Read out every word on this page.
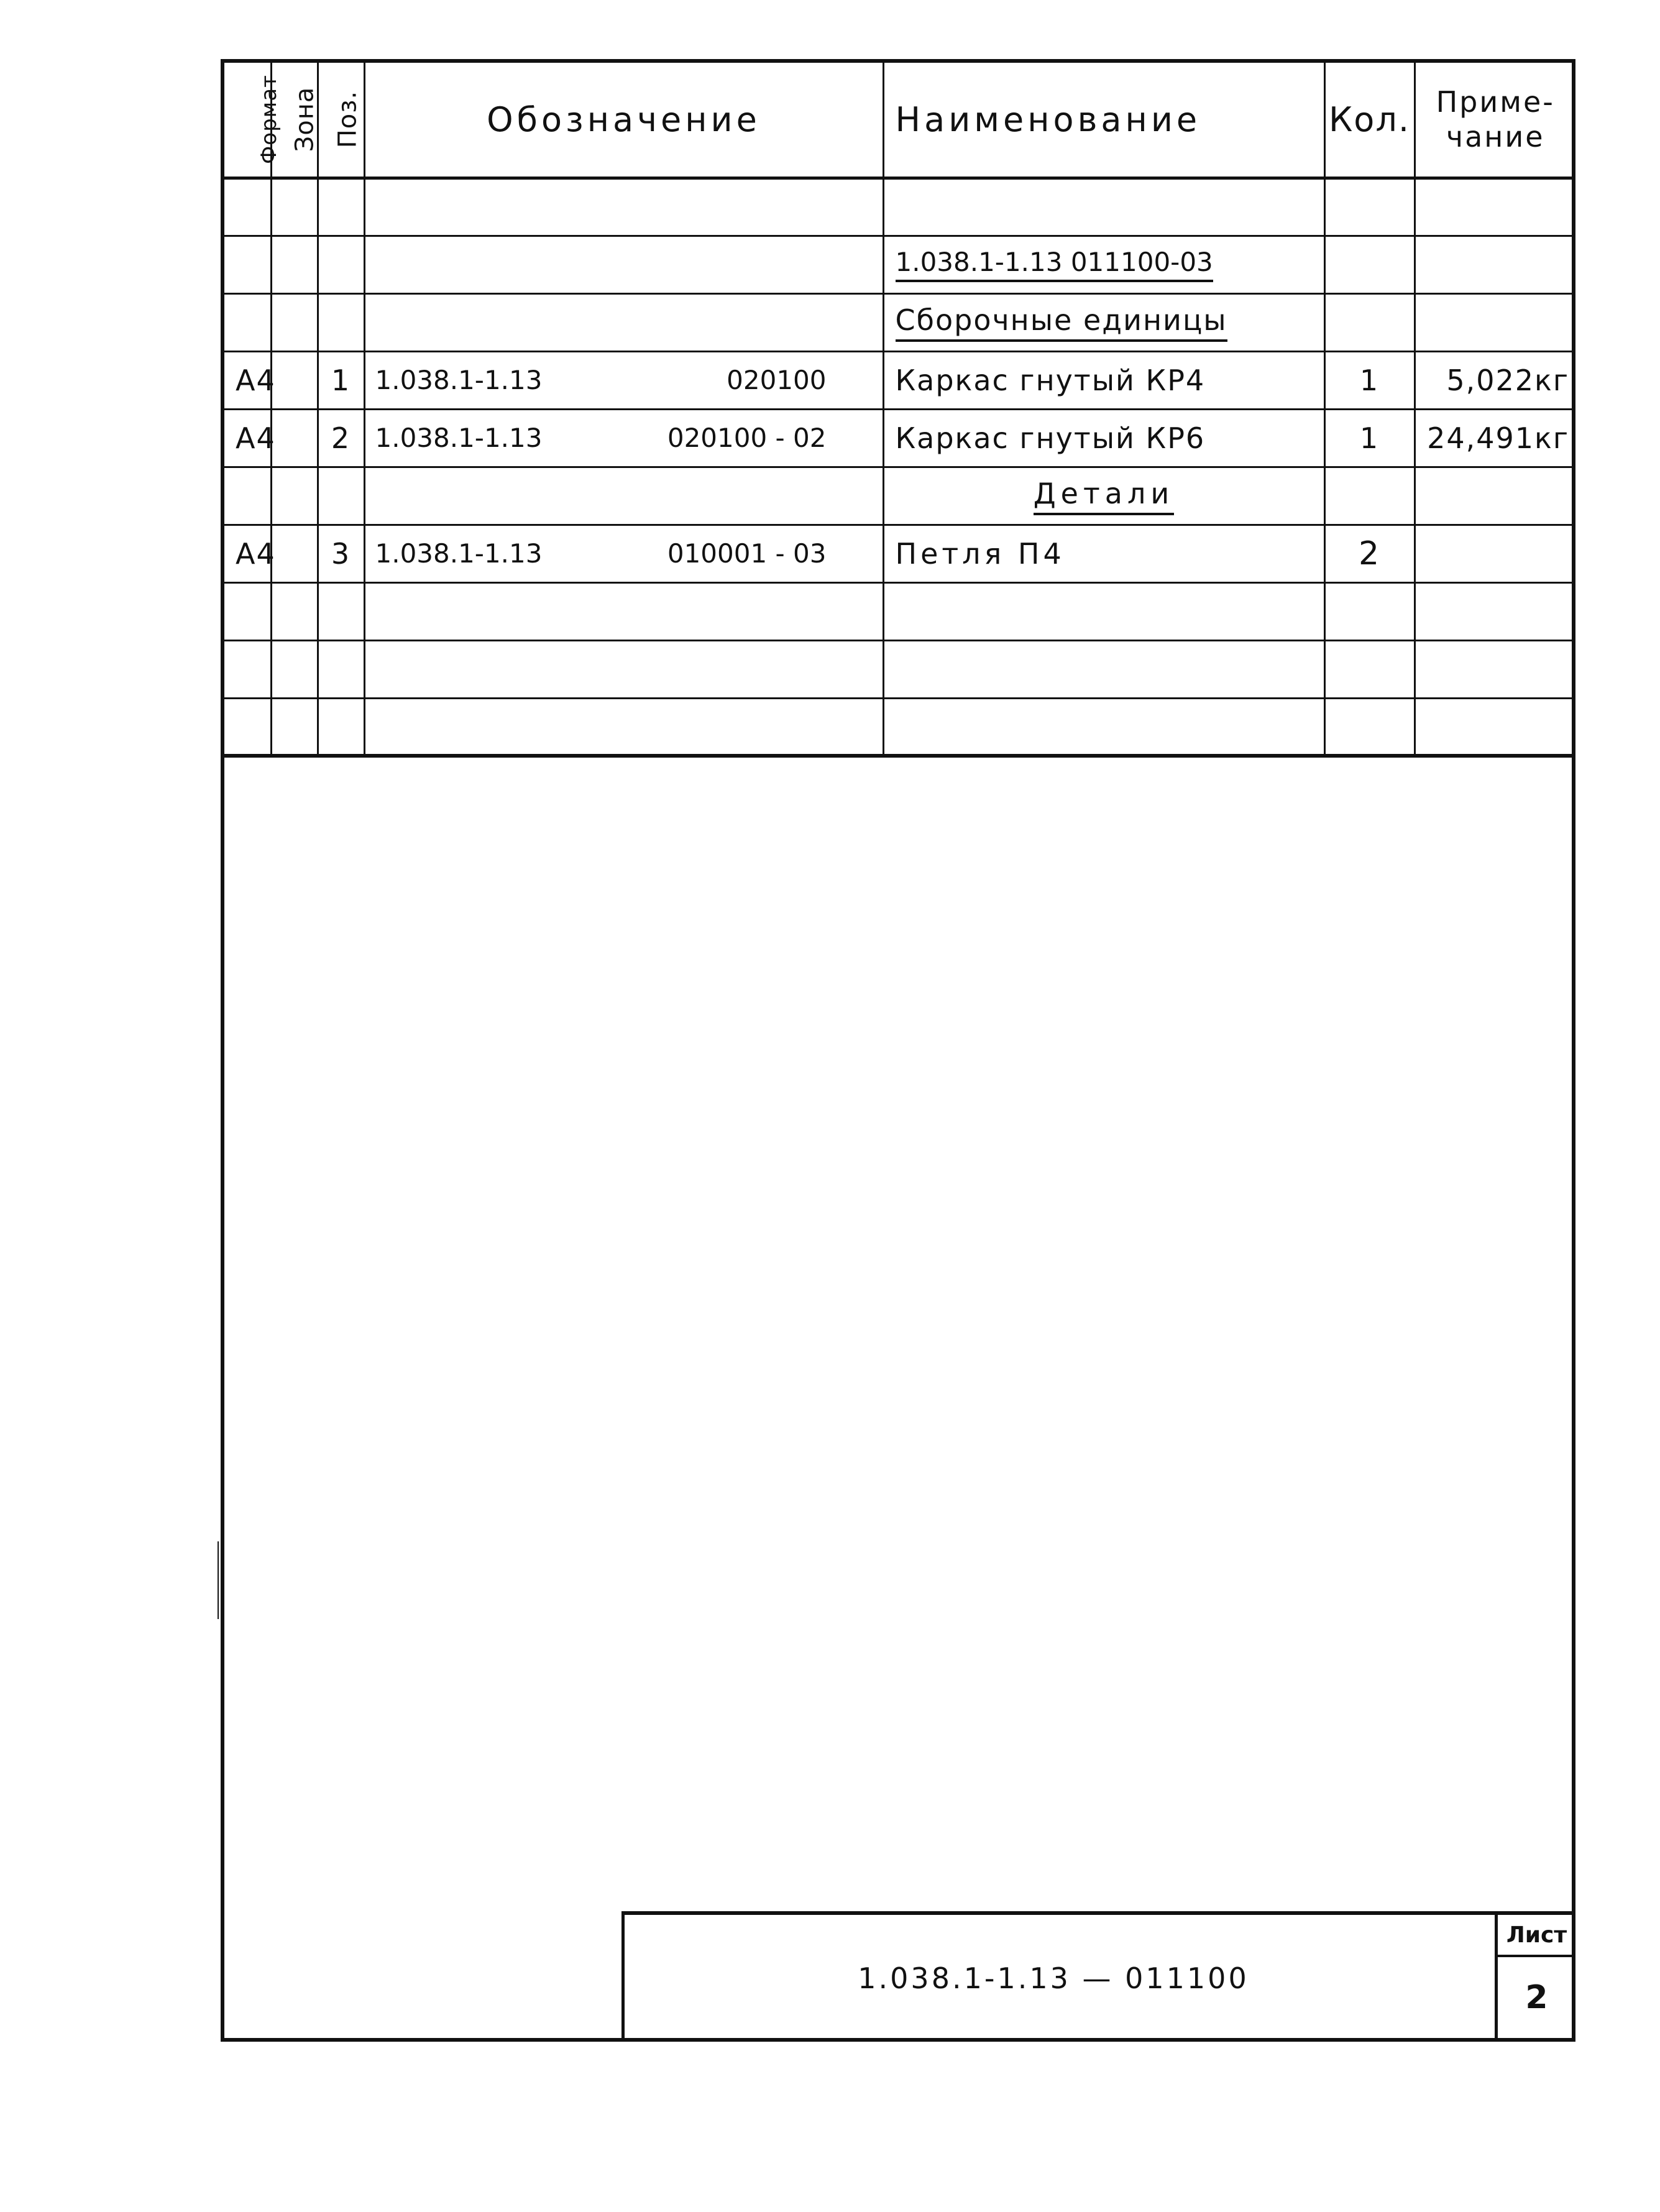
Формат	Зона	Поз.	Обозначение	Наименование	Кол.	Приме-
чание

				1.038.1-1.13 011100-03		
				Сборочные единицы		
А4		1	1.038.1-1.13 020100	Каркас гнутый КР4	1	5,022кг
А4		2	1.038.1-1.13 020100 - 02	Каркас гнутый КР6	1	24,491кг
				Детали		
А4		3	1.038.1-1.13 010001 - 03	Петля П4	2	

1.038.1-1.13 — 011100
Лист
2
